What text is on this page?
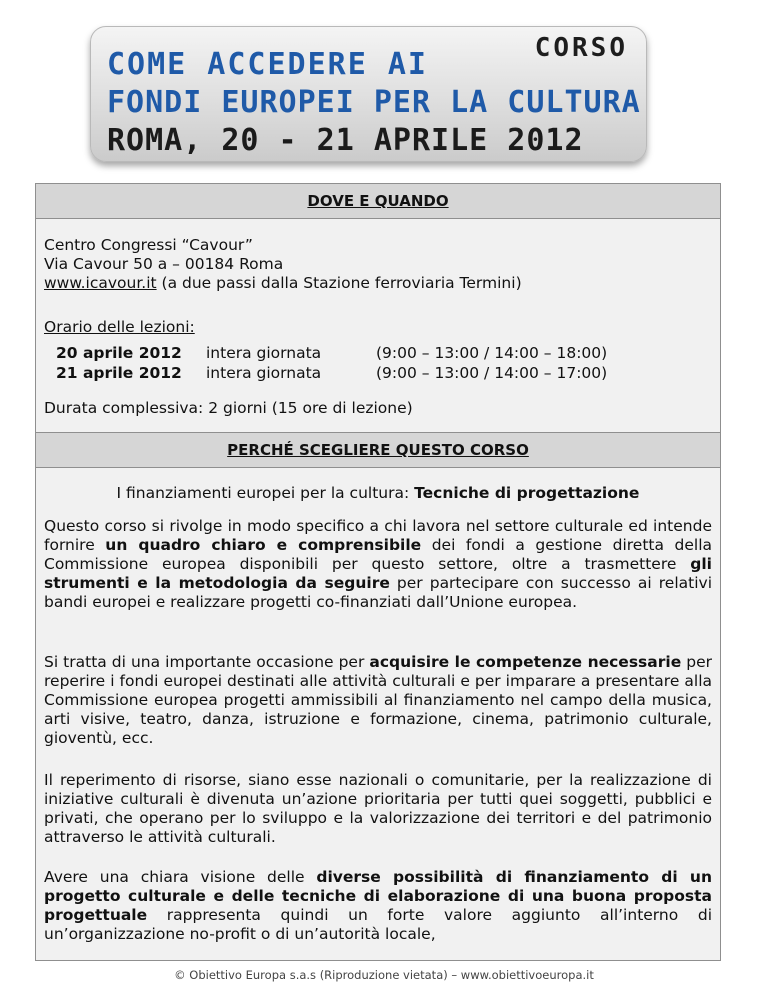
CORSO
COME ACCEDERE AI
FONDI EUROPEI PER LA CULTURA
ROMA, 20 - 21 APRILE 2012
DOVE E QUANDO
Centro Congressi “Cavour”
Via Cavour 50 a – 00184 Roma
www.icavour.it (a due passi dalla Stazione ferroviaria Termini)
Orario delle lezioni:
20 aprile 2012 intera giornata	(9:00 – 13:00 / 14:00 – 18:00)
21 aprile 2012 intera giornata	(9:00 – 13:00 / 14:00 – 17:00)
Durata complessiva: 2 giorni (15 ore di lezione)
PERCHÉ SCEGLIERE QUESTO CORSO
I finanziamenti europei per la cultura: Tecniche di progettazione
Questo corso si rivolge in modo specifico a chi lavora nel settore culturale ed intende fornire un quadro chiaro e comprensibile dei fondi a gestione diretta della Commissione europea disponibili per questo settore, oltre a trasmettere gli strumenti e la metodologia da seguire per partecipare con successo ai relativi bandi europei e realizzare progetti co-finanziati dall’Unione europea.
Si tratta di una importante occasione per acquisire le competenze necessarie per reperire i fondi europei destinati alle attività culturali e per imparare a presentare alla Commissione europea progetti ammissibili al finanziamento nel campo della musica, arti visive, teatro, danza, istruzione e formazione, cinema, patrimonio culturale, gioventù, ecc.
Il reperimento di risorse, siano esse nazionali o comunitarie, per la realizzazione di iniziative culturali è divenuta un’azione prioritaria per tutti quei soggetti, pubblici e privati, che operano per lo sviluppo e la valorizzazione dei territori e del patrimonio attraverso le attività culturali.
Avere una chiara visione delle diverse possibilità di finanziamento di un progetto culturale e delle tecniche di elaborazione di una buona proposta progettuale rappresenta quindi un forte valore aggiunto all’interno di un’organizzazione no-profit o di un’autorità locale,
© Obiettivo Europa s.a.s (Riproduzione vietata) – www.obiettivoeuropa.it
